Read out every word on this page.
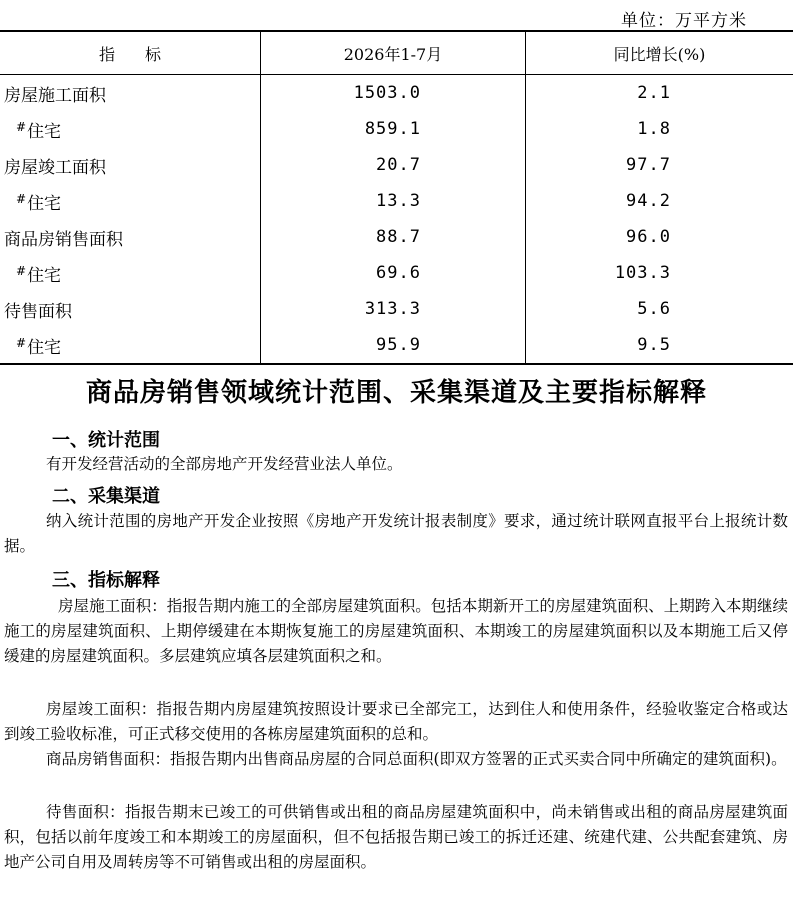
单位：万平方米
指标	2026年1-7月	同比增长(%)
房屋施工面积	1503.0	2.1
#住宅	859.1	1.8
房屋竣工面积	20.7	97.7
#住宅	13.3	94.2
商品房销售面积	88.7	96.0
#住宅	69.6	103.3
待售面积	313.3	5.6
#住宅	95.9	9.5
商品房销售领域统计范围、采集渠道及主要指标解释
一、统计范围

有开发经营活动的全部房地产开发经营业法人单位。

二、采集渠道

纳入统计范围的房地产开发企业按照《房地产开发统计报表制度》要求，通过统计联网直报平台上报统计数据。

三、指标解释

房屋施工面积：指报告期内施工的全部房屋建筑面积。包括本期新开工的房屋建筑面积、上期跨入本期继续施工的房屋建筑面积、上期停缓建在本期恢复施工的房屋建筑面积、本期竣工的房屋建筑面积以及本期施工后又停缓建的房屋建筑面积。多层建筑应填各层建筑面积之和。

房屋竣工面积：指报告期内房屋建筑按照设计要求已全部完工，达到住人和使用条件，经验收鉴定合格或达到竣工验收标准，可正式移交使用的各栋房屋建筑面积的总和。

商品房销售面积：指报告期内出售商品房屋的合同总面积(即双方签署的正式买卖合同中所确定的建筑面积)。

待售面积：指报告期末已竣工的可供销售或出租的商品房屋建筑面积中，尚未销售或出租的商品房屋建筑面积，包括以前年度竣工和本期竣工的房屋面积，但不包括报告期已竣工的拆迁还建、统建代建、公共配套建筑、房地产公司自用及周转房等不可销售或出租的房屋面积。
